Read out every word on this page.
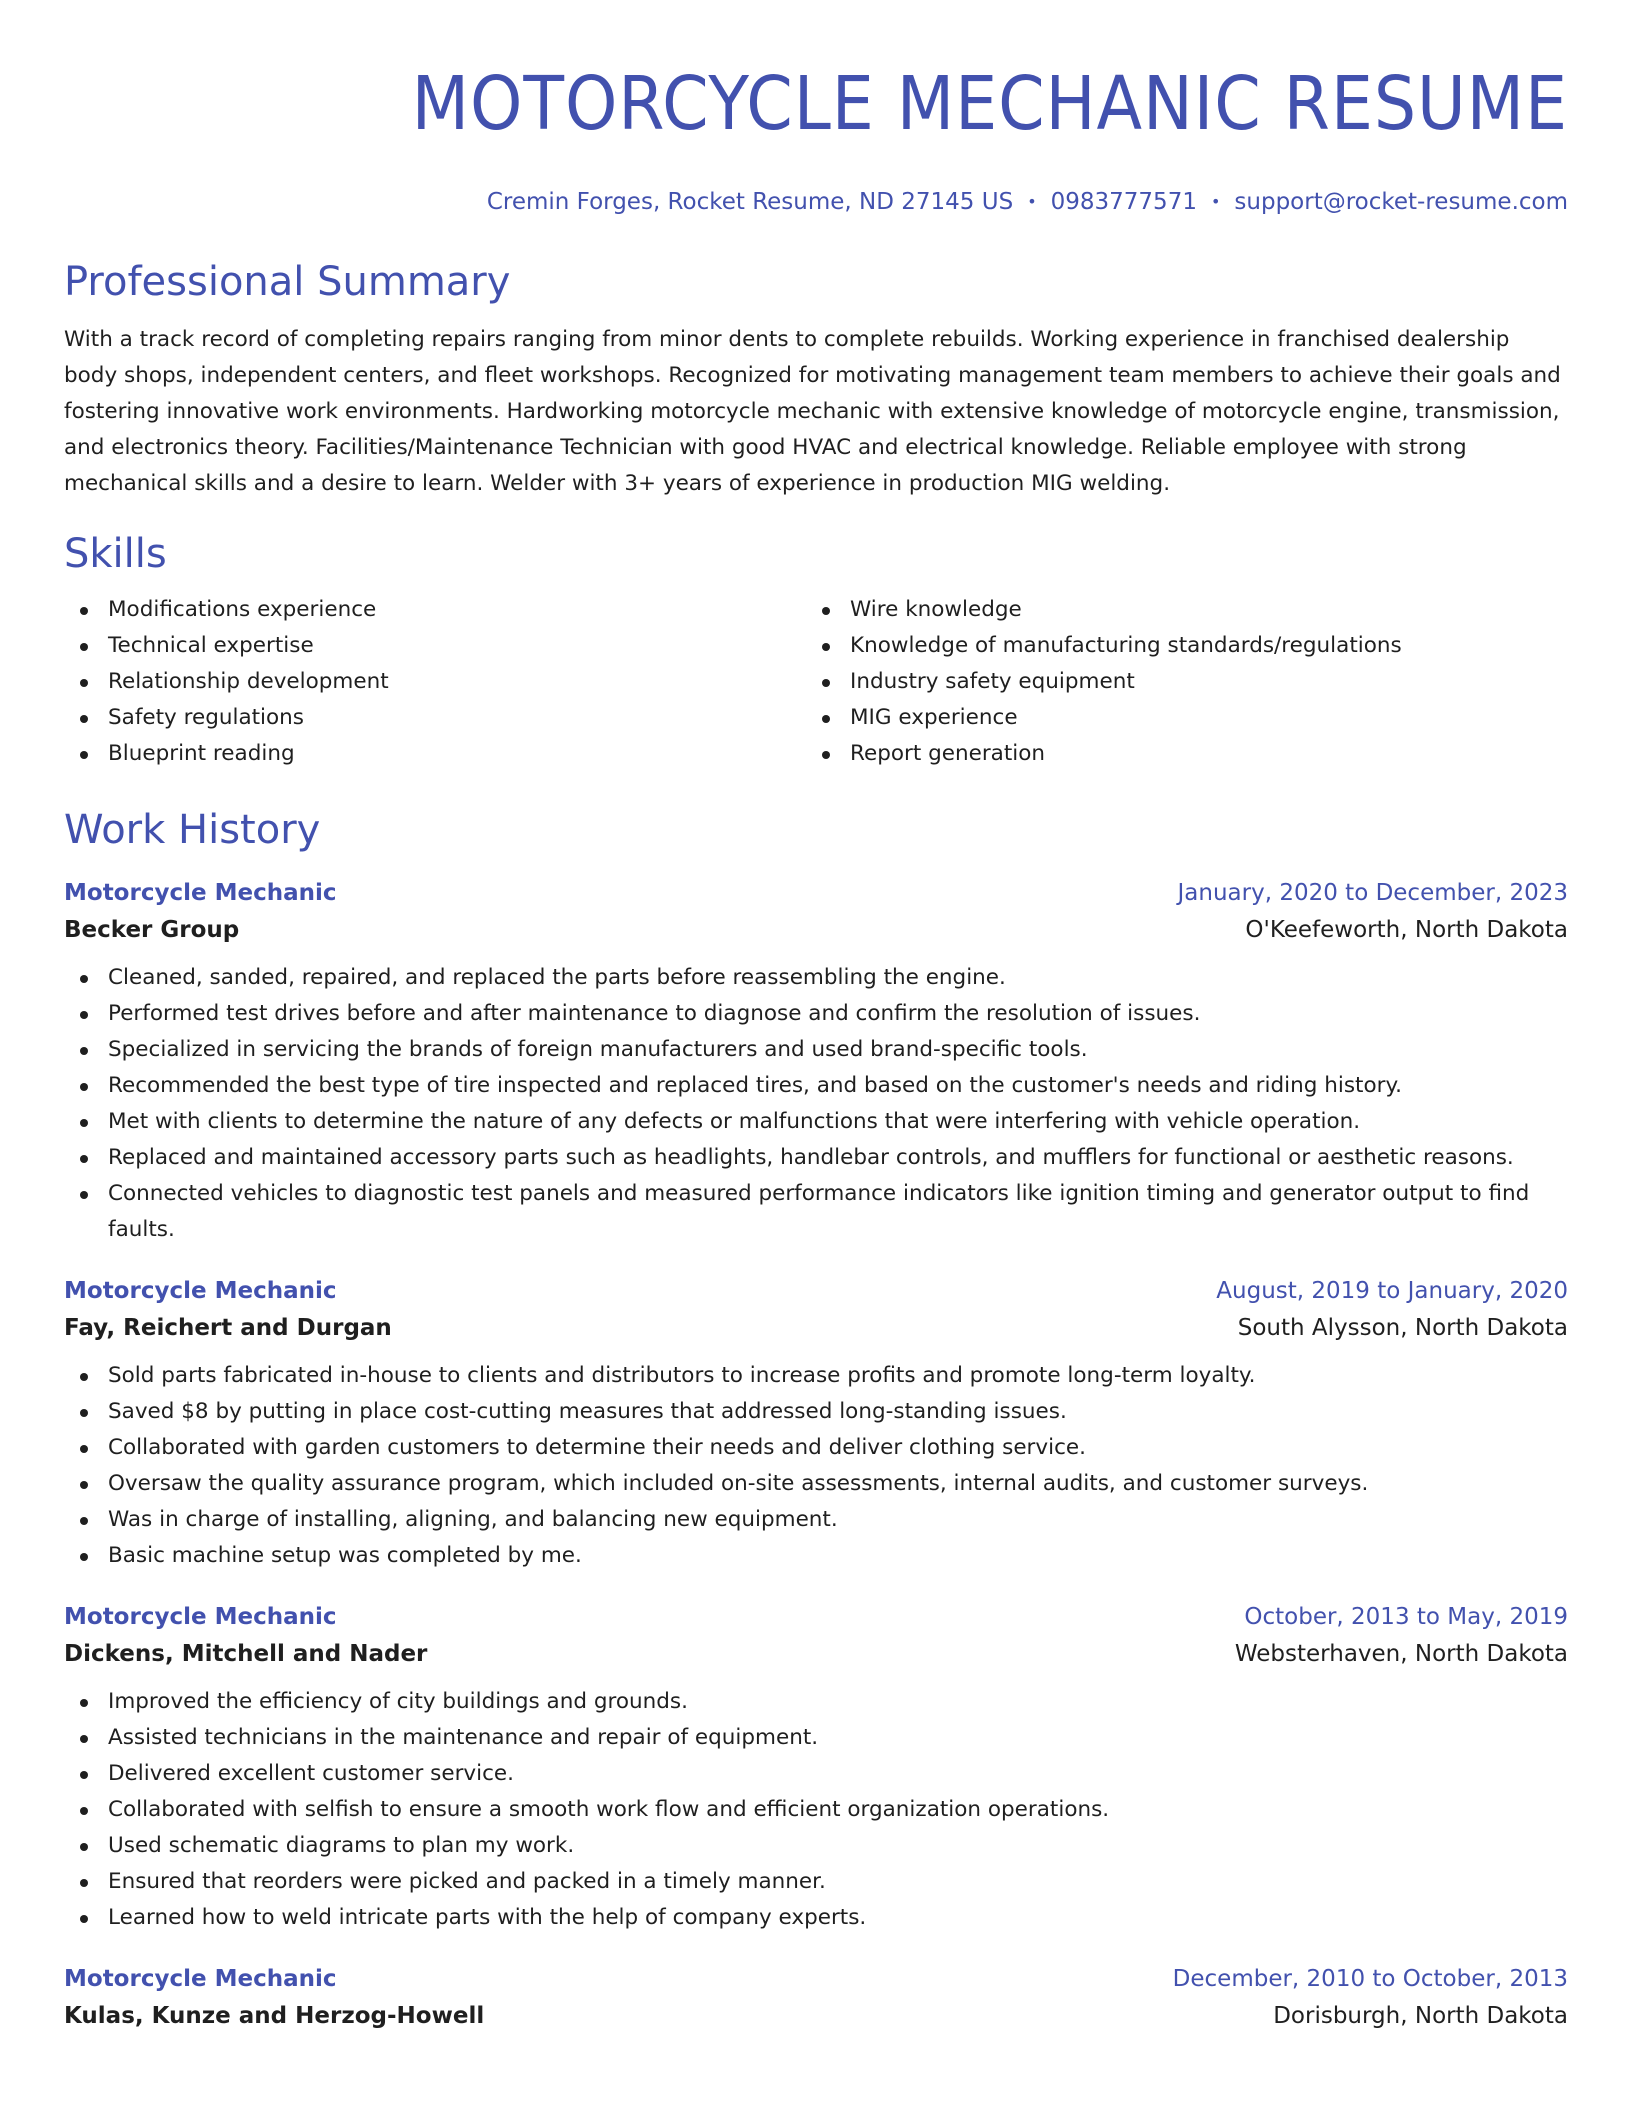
MOTORCYCLE MECHANIC RESUME
Cremin Forges, Rocket Resume, ND 27145 US • 0983777571 • support@rocket-resume.com
Professional Summary
With a track record of completing repairs ranging from minor dents to complete rebuilds. Working experience in franchised dealership body shops, independent centers, and fleet workshops. Recognized for motivating management team members to achieve their goals and fostering innovative work environments. Hardworking motorcycle mechanic with extensive knowledge of motorcycle engine, transmission, and electronics theory. Facilities/Maintenance Technician with good HVAC and electrical knowledge. Reliable employee with strong mechanical skills and a desire to learn. Welder with 3+ years of experience in production MIG welding.
Skills
Modifications experience
Technical expertise
Relationship development
Safety regulations
Blueprint reading
Wire knowledge
Knowledge of manufacturing standards/regulations
Industry safety equipment
MIG experience
Report generation
Work History
Motorcycle Mechanic	January, 2020 to December, 2023
Becker Group	O'Keefeworth, North Dakota
Cleaned, sanded, repaired, and replaced the parts before reassembling the engine.
Performed test drives before and after maintenance to diagnose and confirm the resolution of issues.
Specialized in servicing the brands of foreign manufacturers and used brand-specific tools.
Recommended the best type of tire inspected and replaced tires, and based on the customer's needs and riding history.
Met with clients to determine the nature of any defects or malfunctions that were interfering with vehicle operation.
Replaced and maintained accessory parts such as headlights, handlebar controls, and mufflers for functional or aesthetic reasons.
Connected vehicles to diagnostic test panels and measured performance indicators like ignition timing and generator output to find faults.
Motorcycle Mechanic	August, 2019 to January, 2020
Fay, Reichert and Durgan	South Alysson, North Dakota
Sold parts fabricated in-house to clients and distributors to increase profits and promote long-term loyalty.
Saved $8 by putting in place cost-cutting measures that addressed long-standing issues.
Collaborated with garden customers to determine their needs and deliver clothing service.
Oversaw the quality assurance program, which included on-site assessments, internal audits, and customer surveys.
Was in charge of installing, aligning, and balancing new equipment.
Basic machine setup was completed by me.
Motorcycle Mechanic	October, 2013 to May, 2019
Dickens, Mitchell and Nader	Websterhaven, North Dakota
Improved the efficiency of city buildings and grounds.
Assisted technicians in the maintenance and repair of equipment.
Delivered excellent customer service.
Collaborated with selfish to ensure a smooth work flow and efficient organization operations.
Used schematic diagrams to plan my work.
Ensured that reorders were picked and packed in a timely manner.
Learned how to weld intricate parts with the help of company experts.
Motorcycle Mechanic	December, 2010 to October, 2013
Kulas, Kunze and Herzog-Howell	Dorisburgh, North Dakota
